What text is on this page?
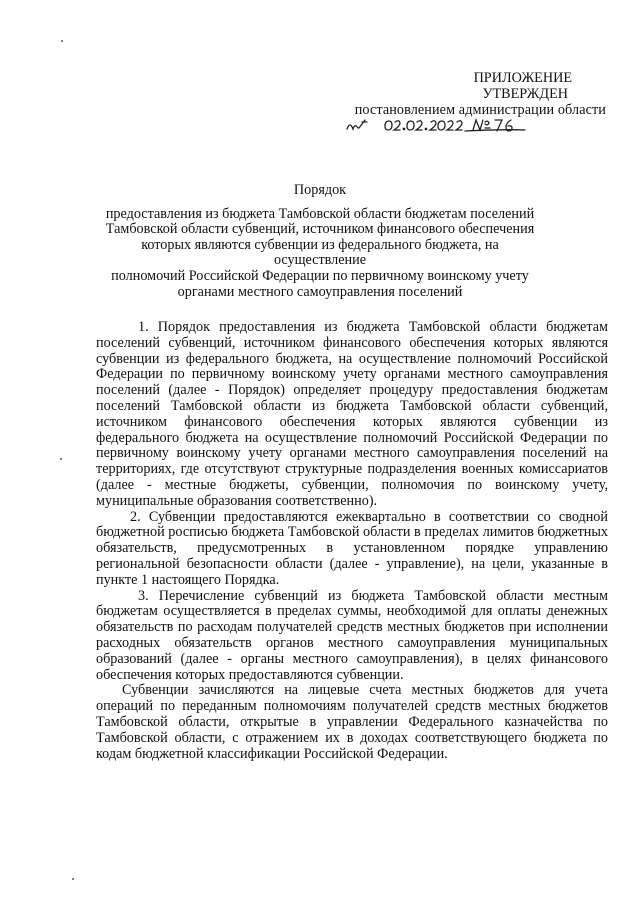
ПРИЛОЖЕНИЕ
УТВЕРЖДЕН
постановлением администрации области
Порядок
предоставления из бюджета Тамбовской области бюджетам поселений
Тамбовской области субвенций, источником финансового обеспечения
которых являются субвенции из федерального бюджета, на осуществление
полномочий Российской Федерации по первичному воинскому учету
органами местного самоуправления поселений

1. Порядок предоставления из бюджета Тамбовской области бюджетам поселений субвенций, источником финансового обеспечения которых являются субвенции из федерального бюджета, на осуществление полномочий Российской Федерации по первичному воинскому учету органами местного самоуправления поселений (далее - Порядок) определяет процедуру предоставления бюджетам поселений Тамбовской области из бюджета Тамбовской области субвенций, источником финансового обеспечения которых являются субвенции из федерального бюджета на осуществление полномочий Российской Федерации по первичному воинскому учету органами местного самоуправления поселений на территориях, где отсутствуют структурные подразделения военных комиссариатов (далее - местные бюджеты, субвенции, полномочия по воинскому учету, муниципальные образования соответственно).

2. Субвенции предоставляются ежеквартально в соответствии со сводной бюджетной росписью бюджета Тамбовской области в пределах лимитов бюджетных обязательств, предусмотренных в установленном порядке управлению региональной безопасности области (далее - управление), на цели, указанные в пункте 1 настоящего Порядка.

3. Перечисление субвенций из бюджета Тамбовской области местным бюджетам осуществляется в пределах суммы, необходимой для оплаты денежных обязательств по расходам получателей средств местных бюджетов при исполнении расходных обязательств органов местного самоуправления муниципальных образований (далее - органы местного самоуправления), в целях финансового обеспечения которых предоставляются субвенции.

Субвенции зачисляются на лицевые счета местных бюджетов для учета операций по переданным полномочиям получателей средств местных бюджетов Тамбовской области, открытые в управлении Федерального казначейства по Тамбовской области, с отражением их в доходах соответствующего бюджета по кодам бюджетной классификации Российской Федерации.
